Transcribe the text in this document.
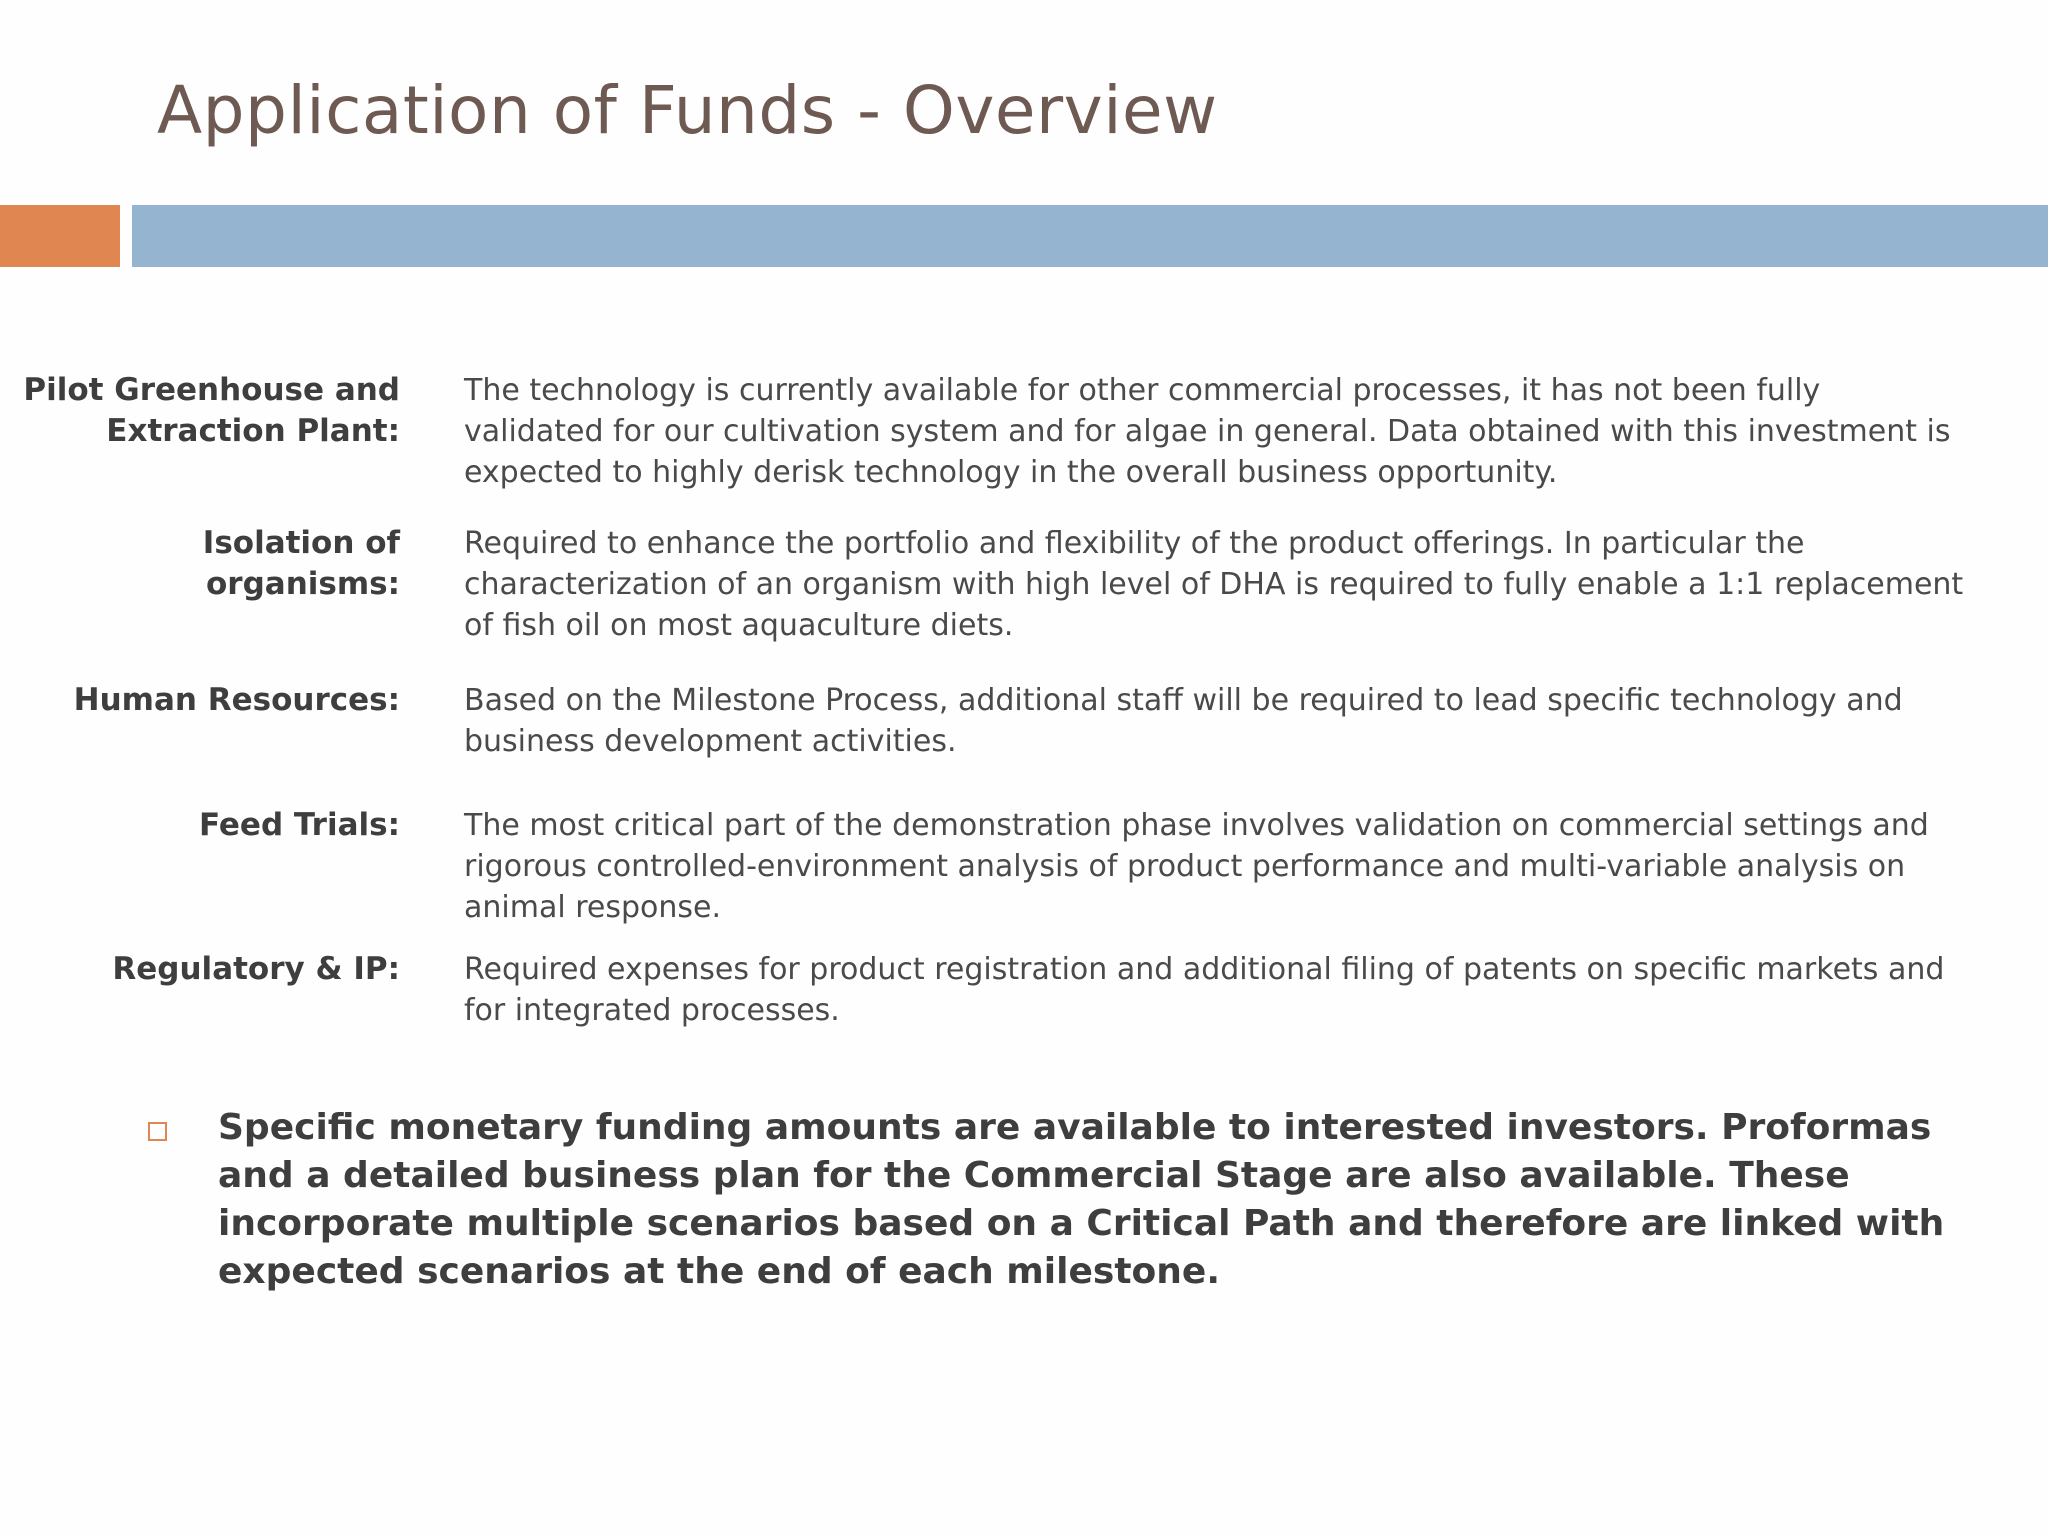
Application of Funds - Overview
Pilot Greenhouse and Extraction Plant:
The technology is currently available for other commercial processes, it has not been fully validated for our cultivation system and for algae in general. Data obtained with this investment is expected to highly derisk technology in the overall business opportunity.
Isolation of organisms:
Required to enhance the portfolio and flexibility of the product offerings. In particular the characterization of an organism with high level of DHA is required to fully enable a 1:1 replacement of fish oil on most aquaculture diets.
Human Resources: Based on the Milestone Process, additional staff will be required to lead specific technology and business development activities.
Feed Trials: The most critical part of the demonstration phase involves validation on commercial settings and rigorous controlled-environment analysis of product performance and multi-variable analysis on animal response.
Regulatory & IP: Required expenses for product registration and additional filing of patents on specific markets and for integrated processes.
Specific monetary funding amounts are available to interested investors. Proformas and a detailed business plan for the Commercial Stage are also available. These incorporate multiple scenarios based on a Critical Path and therefore are linked with expected scenarios at the end of each milestone.
